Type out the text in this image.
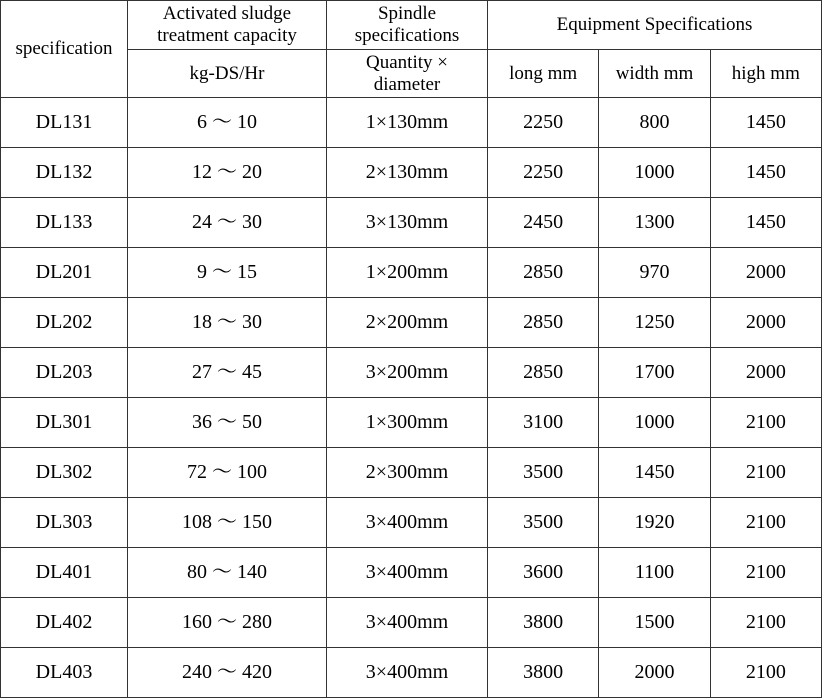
specification	Activated sludge treatment capacity	Spindle specifications	Equipment Specifications		
	kg-DS/Hr	Quantity × diameter	long mm	width mm	high mm
DL131	6 ～ 10	1×130mm	2250	800	1450
DL132	12 ～ 20	2×130mm	2250	1000	1450
DL133	24 ～ 30	3×130mm	2450	1300	1450
DL201	9 ～ 15	1×200mm	2850	970	2000
DL202	18 ～ 30	2×200mm	2850	1250	2000
DL203	27 ～ 45	3×200mm	2850	1700	2000
DL301	36 ～ 50	1×300mm	3100	1000	2100
DL302	72 ～ 100	2×300mm	3500	1450	2100
DL303	108 ～ 150	3×400mm	3500	1920	2100
DL401	80 ～ 140	3×400mm	3600	1100	2100
DL402	160 ～ 280	3×400mm	3800	1500	2100
DL403	240 ～ 420	3×400mm	3800	2000	2100
